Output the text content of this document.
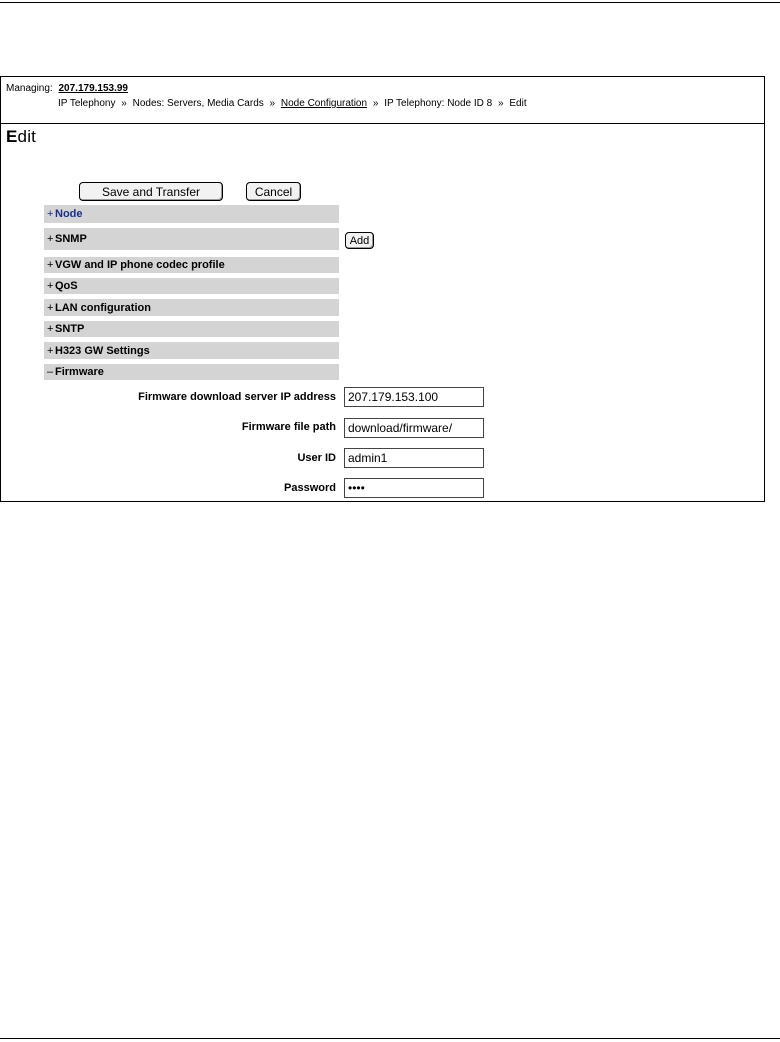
Managing: 207.179.153.99
IP Telephony » Nodes: Servers, Media Cards » Node Configuration » IP Telephony: Node ID 8 » Edit
Edit
Save and Transfer	Cancel
+ Node
+ SNMP	Add
+ VGW and IP phone codec profile
+ QoS
+ LAN configuration
+ SNTP
+ H323 GW Settings
– Firmware
Firmware download server IP address
207.179.153.100
Firmware file path
download/firmware/
User ID
admin1
Password
